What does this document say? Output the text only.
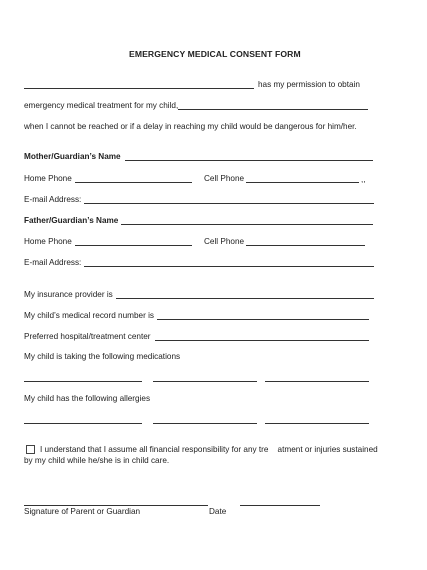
EMERGENCY MEDICAL CONSENT FORM
has my permission to obtain
emergency medical treatment for my child,
when I cannot be reached or if a delay in reaching my child would be dangerous for him/her.
Mother/Guardian’s Name
Home Phone	Cell Phone	,,
E-mail Address:
Father/Guardian’s Name
Home Phone	Cell Phone
E-mail Address:
My insurance provider is
My child’s medical record number is
Preferred hospital/treatment center
My child is taking the following medications
My child has the following allergies
I understand that I assume all financial responsibility for any tre    atment or injuries sustained
by my child while he/she is in child care.
Signature of Parent or Guardian	Date
